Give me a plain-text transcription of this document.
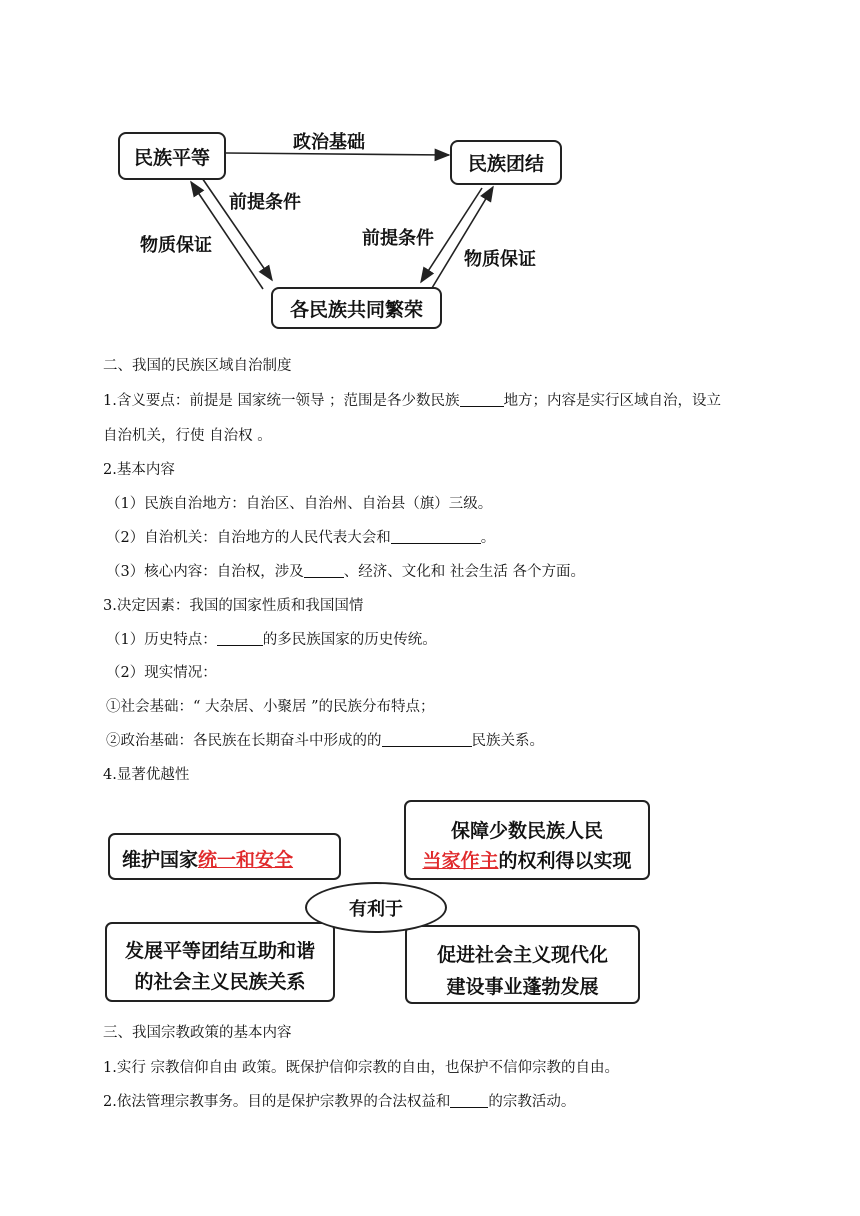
民族平等	民族团结
各民族共同繁荣
政治基础
前提条件
物质保证	前提条件
物质保证
二、我国的民族区域自治制度
1.含义要点：前提是 国家统一领导 ；范围是各少数民族	地方；内容是实行区域自治，设立
自治机关，行使 自治权 。
2.基本内容
（1）民族自治地方：自治区、自治州、自治县（旗）三级。
（2）自治机关：自治地方的人民代表大会和	。
（3）核心内容：自治权，涉及	、经济、文化和 社会生活 各个方面。
3.决定因素：我国的国家性质和我国国情
（1）历史特点：	的多民族国家的历史传统。
（2）现实情况：
①社会基础：“ 大杂居、小聚居 ”的民族分布特点；
②政治基础：各民族在长期奋斗中形成的的	民族关系。
4.显著优越性
维护国家统一和安全
保障少数民族人民
当家作主的权利得以实现
发展平等团结互助和谐
的社会主义民族关系
促进社会主义现代化
建设事业蓬勃发展
有利于
三、我国宗教政策的基本内容
1.实行 宗教信仰自由 政策。既保护信仰宗教的自由，也保护不信仰宗教的自由。
2.依法管理宗教事务。目的是保护宗教界的合法权益和	的宗教活动。
